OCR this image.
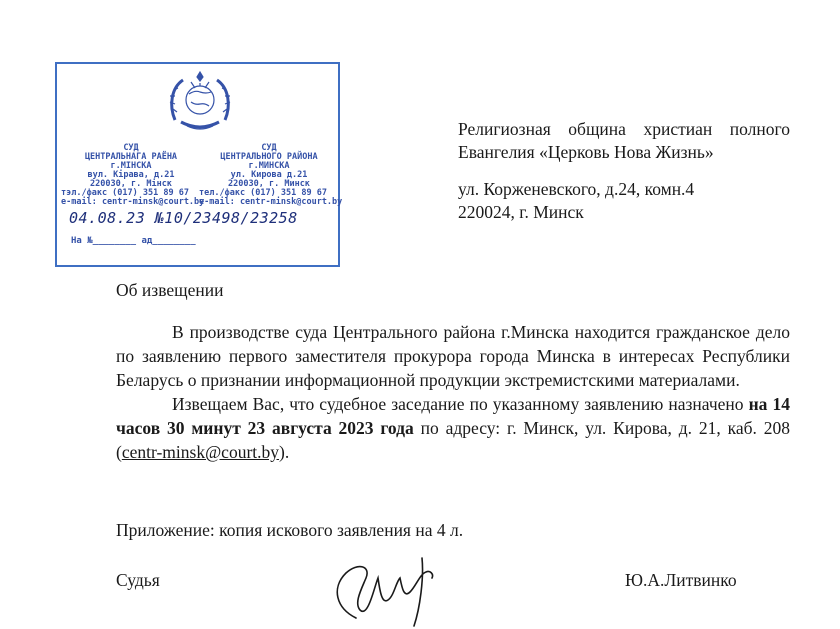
СУД
ЦЕНТРАЛЬНАГА РАЁНА
г.МIНСКА
вул. Кiрава, д.21
220030, г. Мiнск
тэл./факс (017) 351 89 67
e-mail: centr-minsk@court.by
СУД
ЦЕНТРАЛЬНОГО РАЙОНА
г.МИНСКА
ул. Кирова д.21
220030, г. Минск
тел./факс (017) 351 89 67
e-mail: centr-minsk@court.by
04.08.23 №10/23498/23258
На №________ ад________

Религиозная община христиан полного Евангелия «Церковь Нова Жизнь»

ул. Корженевского, д.24, комн.4
220024, г. Минск

Об извещении

В производстве суда Центрального района г.Минска находится гражданское дело по заявлению первого заместителя прокурора города Минска в интересах Республики Беларусь о признании информационной продукции экстремистскими материалами.

Извещаем Вас, что судебное заседание по указанному заявлению назначено на 14 часов 30 минут 23 августа 2023 года по адресу: г. Минск, ул. Кирова, д. 21, каб. 208 (centr-minsk@court.by).

Приложение: копия искового заявления на 4 л.
Судья	Ю.А.Литвинко
